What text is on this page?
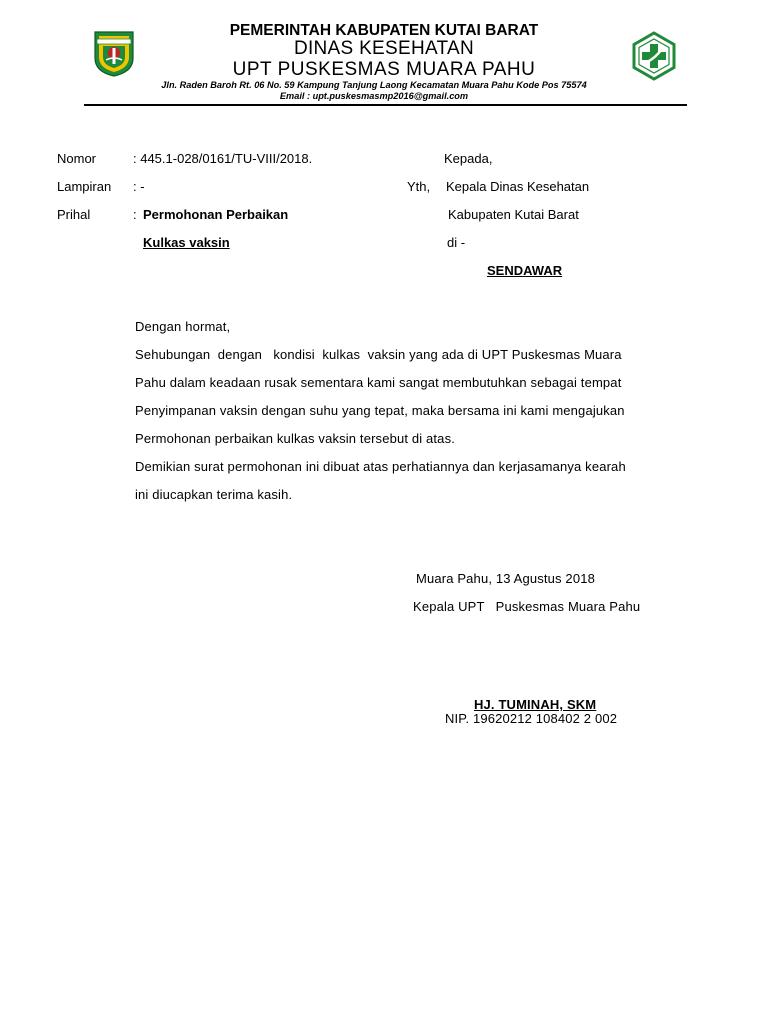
PEMERINTAH KABUPATEN KUTAI BARAT
DINAS KESEHATAN
UPT PUSKESMAS MUARA PAHU
Jln. Raden Baroh Rt. 06 No. 59 Kampung Tanjung Laong Kecamatan Muara Pahu Kode Pos 75574
Email : upt.puskesmasmp2016@gmail.com
Nomor	: 445.1-028/0161/TU-VIII/2018.
Lampiran : -
Prihal	: Permohonan Perbaikan
Kulkas vaksin
Kepada,
Yth, Kepala Dinas Kesehatan
Kabupaten Kutai Barat
di -
SENDAWAR
Dengan hormat,
Sehubungan  dengan   kondisi  kulkas  vaksin yang ada di UPT Puskesmas Muara
Pahu dalam keadaan rusak sementara kami sangat membutuhkan sebagai tempat
Penyimpanan vaksin dengan suhu yang tepat, maka bersama ini kami mengajukan
Permohonan perbaikan kulkas vaksin tersebut di atas.
Demikian surat permohonan ini dibuat atas perhatiannya dan kerjasamanya kearah
ini diucapkan terima kasih.
Muara Pahu, 13 Agustus 2018
Kepala UPT   Puskesmas Muara Pahu
HJ. TUMINAH, SKM
NIP. 19620212 108402 2 002
